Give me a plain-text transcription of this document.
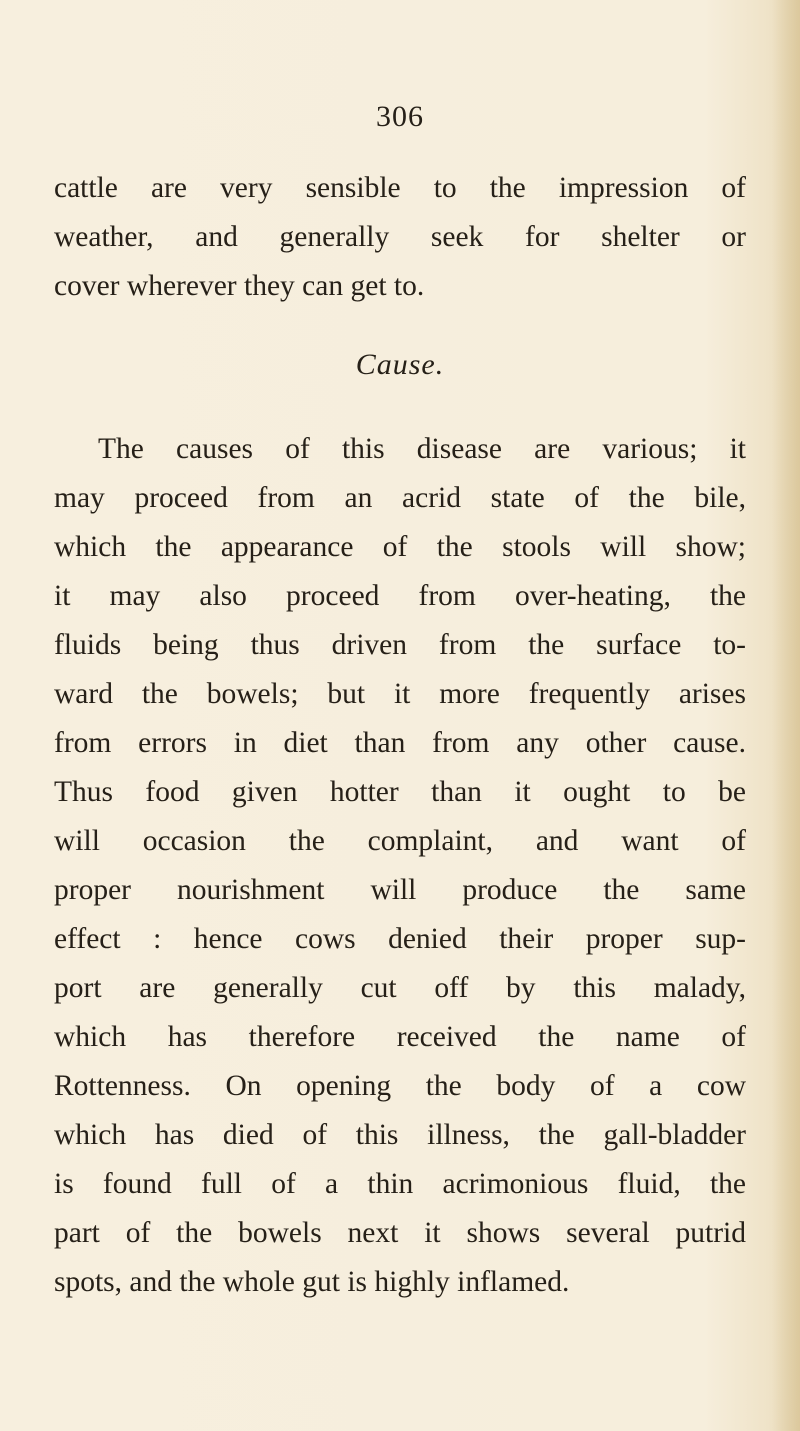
306
cattle are very sensible to the impression of
weather, and generally seek for shelter or
cover wherever they can get to.
Cause.
The causes of this disease are various; it
may proceed from an acrid state of the bile,
which the appearance of the stools will show;
it may also proceed from over-heating, the
fluids being thus driven from the surface to-
ward the bowels; but it more frequently arises
from errors in diet than from any other cause.
Thus food given hotter than it ought to be
will occasion the complaint, and want of
proper nourishment will produce the same
effect : hence cows denied their proper sup-
port are generally cut off by this malady,
which has therefore received the name of
Rottenness. On opening the body of a cow
which has died of this illness, the gall-bladder
is found full of a thin acrimonious fluid, the
part of the bowels next it shows several putrid
spots, and the whole gut is highly inflamed.
